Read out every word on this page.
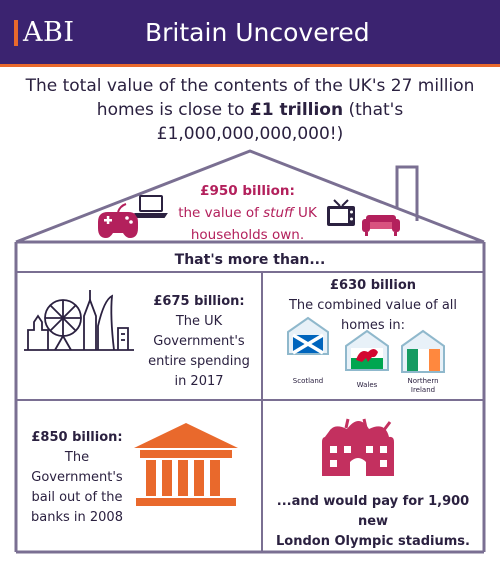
ABI	Britain Uncovered
The total value of the contents of the UK's 27 million
homes is close to £1 trillion (that's
£1,000,000,000,000!)
£950 billion:
the value of stuff UK
households own.
That's more than...
£675 billion:
The UK
Government's
entire spending
in 2017
£630 billion
The combined value of all
homes in:
Scotland	Wales	Northern Ireland
£850 billion:
The
Government's
bail out of the
banks in 2008
...and would pay for 1,900 new
London Olympic stadiums.
